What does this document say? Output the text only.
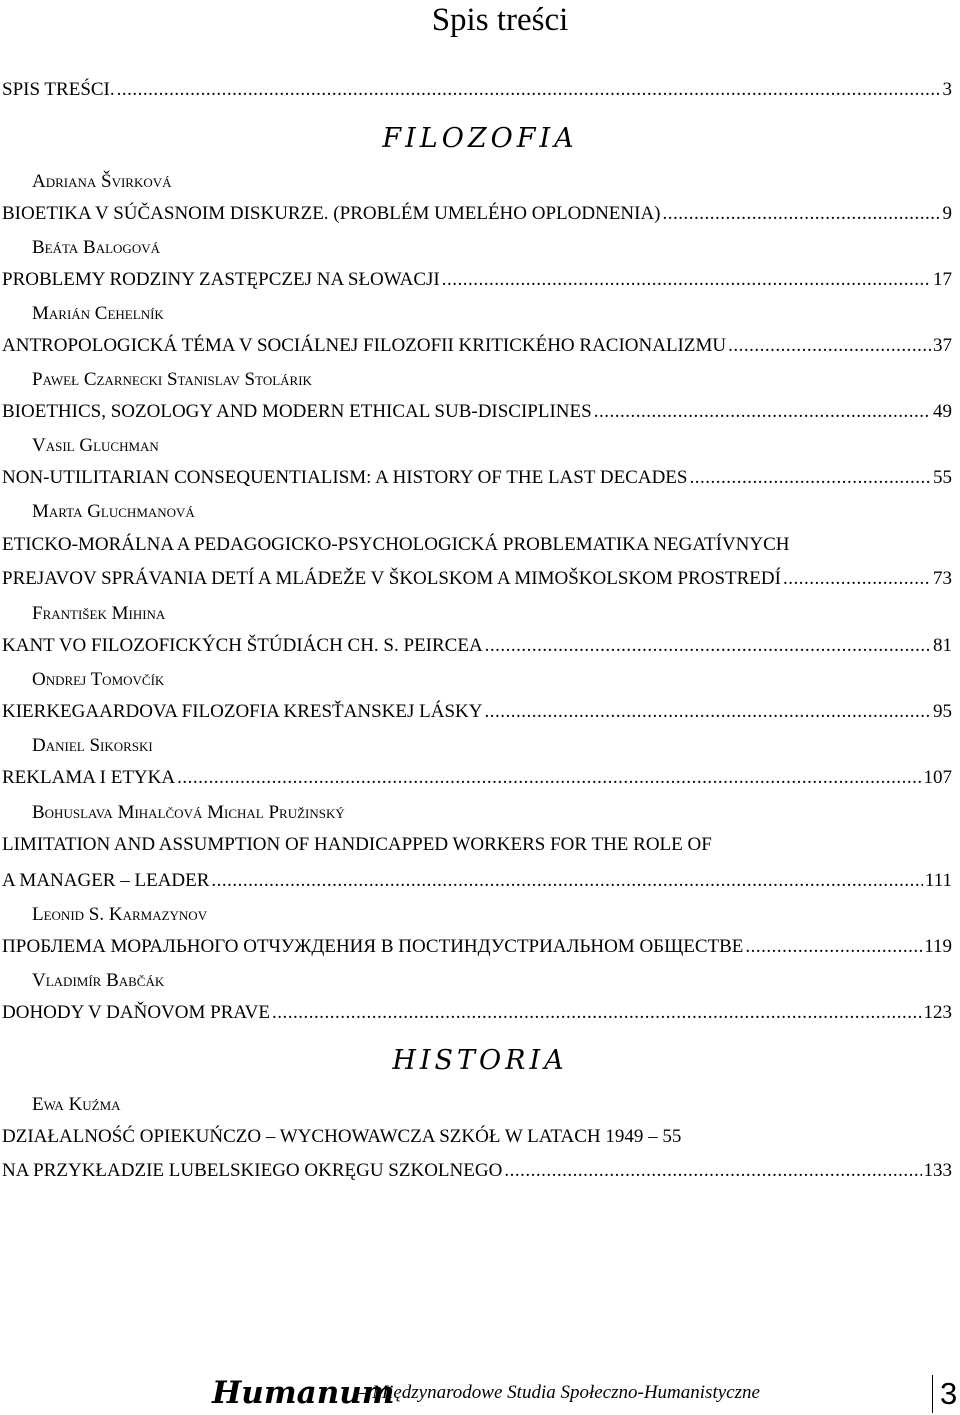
Spis treści
SPIS TREŚCI. .....	3
FILOZOFIA
Adriana Švirková
BIOETIKA V SÚČASNOIM DISKURZE. (PROBLÉM UMELÉHO OPLODNENIA) .....	9
Beáta Balogová
PROBLEMY RODZINY ZASTĘPCZEJ NA SŁOWACJI .....	17
Marián Cehelník
ANTROPOLOGICKÁ TÉMA V SOCIÁLNEJ FILOZOFII KRITICKÉHO RACIONALIZMU .....	37
Paweł Czarnecki Stanislav Stolárik
BIOETHICS, SOZOLOGY AND MODERN ETHICAL SUB-DISCIPLINES .....	49
Vasil Gluchman
NON-UTILITARIAN CONSEQUENTIALISM: A HISTORY OF THE LAST DECADES .....	55
Marta Gluchmanová
ETICKO-MORÁLNA A PEDAGOGICKO-PSYCHOLOGICKÁ PROBLEMATIKA NEGATÍVNYCH
PREJAVOV SPRÁVANIA DETÍ A MLÁDEŽE V ŠKOLSKOM A MIMOŠKOLSKOM PROSTREDÍ .....	73
František Mihina
KANT VO FILOZOFICKÝCH ŠTÚDIÁCH CH. S. PEIRCEA .....	81
Ondrej Tomovčík
KIERKEGAARDOVA FILOZOFIA KRESŤANSKEJ LÁSKY .....	95
Daniel Sikorski
REKLAMA I ETYKA .....	107
Bohuslava Mihalčová Michal Pružinský
LIMITATION AND ASSUMPTION OF HANDICAPPED WORKERS FOR THE ROLE OF
A MANAGER – LEADER .....	111
Leonid S. Karmazynov
ПРОБЛЕМА МОРАЛЬНОГО ОТЧУЖДЕНИЯ В ПОСТИНДУСТРИАЛЬНОМ ОБЩЕСТВЕ .....	119
Vladimír Babčák
DOHODY V DAŇOVOM PRAVE .....	123
HISTORIA
Ewa Kuźma
DZIAŁALNOŚĆ OPIEKUŃCZO – WYCHOWAWCZA SZKÓŁ W LATACH 1949 – 55
NA PRZYKŁADZIE LUBELSKIEGO OKRĘGU SZKOLNEGO .....	133
Humanum
– Międzynarodowe Studia Społeczno-Humanistyczne	3
